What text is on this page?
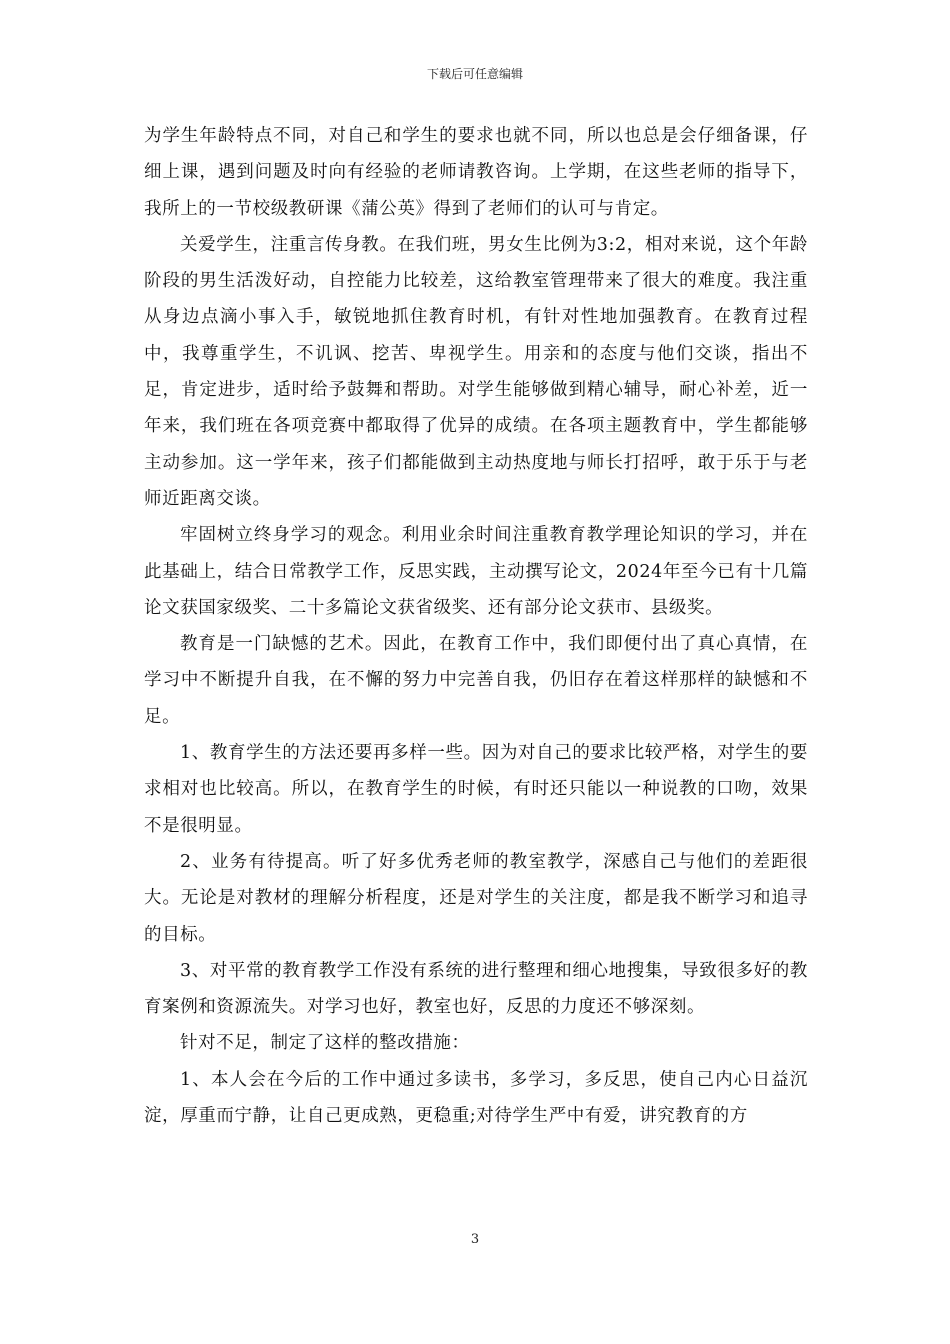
下载后可任意编辑

为学生年龄特点不同，对自己和学生的要求也就不同，所以也总是会仔细备课，仔细上课，遇到问题及时向有经验的老师请教咨询。上学期，在这些老师的指导下，我所上的一节校级教研课《蒲公英》得到了老师们的认可与肯定。

关爱学生，注重言传身教。在我们班，男女生比例为3:2，相对来说，这个年龄阶段的男生活泼好动，自控能力比较差，这给教室管理带来了很大的难度。我注重从身边点滴小事入手，敏锐地抓住教育时机，有针对性地加强教育。在教育过程中，我尊重学生，不讥讽、挖苦、卑视学生。用亲和的态度与他们交谈，指出不足，肯定进步，适时给予鼓舞和帮助。对学生能够做到精心辅导，耐心补差，近一年来，我们班在各项竞赛中都取得了优异的成绩。在各项主题教育中，学生都能够主动参加。这一学年来，孩子们都能做到主动热度地与师长打招呼，敢于乐于与老师近距离交谈。

牢固树立终身学习的观念。利用业余时间注重教育教学理论知识的学习，并在此基础上，结合日常教学工作，反思实践，主动撰写论文，2024年至今已有十几篇论文获国家级奖、二十多篇论文获省级奖、还有部分论文获市、县级奖。

教育是一门缺憾的艺术。因此，在教育工作中，我们即便付出了真心真情，在学习中不断提升自我，在不懈的努力中完善自我，仍旧存在着这样那样的缺憾和不足。

1、教育学生的方法还要再多样一些。因为对自己的要求比较严格，对学生的要求相对也比较高。所以，在教育学生的时候，有时还只能以一种说教的口吻，效果不是很明显。

2、业务有待提高。听了好多优秀老师的教室教学，深感自己与他们的差距很大。无论是对教材的理解分析程度，还是对学生的关注度，都是我不断学习和追寻的目标。

3、对平常的教育教学工作没有系统的进行整理和细心地搜集，导致很多好的教育案例和资源流失。对学习也好，教室也好，反思的力度还不够深刻。

针对不足，制定了这样的整改措施：

1、本人会在今后的工作中通过多读书，多学习，多反思，使自己内心日益沉淀，厚重而宁静，让自己更成熟，更稳重;对待学生严中有爱，讲究教育的方

3
